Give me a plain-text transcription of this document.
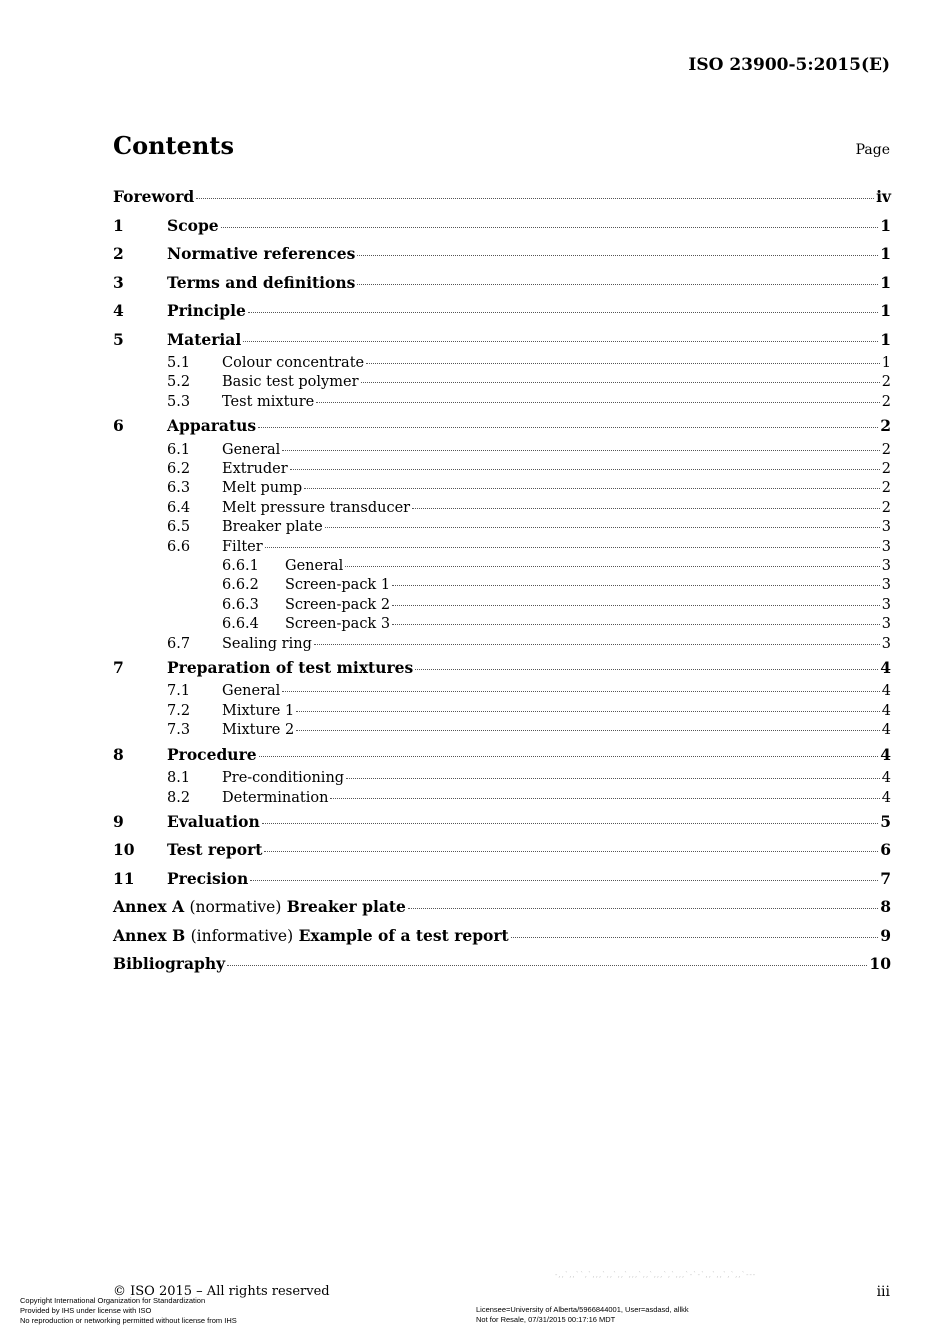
ISO 23900-5:2015(E)
Contents	Page
Foreword	iv
1	Scope	1
2	Normative references	1
3	Terms and definitions	1
4	Principle	1
5	Material	1
5.1	Colour concentrate	1
5.2	Basic test polymer	2
5.3	Test mixture	2
6	Apparatus	2
6.1	General	2
6.2	Extruder	2
6.3	Melt pump	2
6.4	Melt pressure transducer	2
6.5	Breaker plate	3
6.6	Filter	3
6.6.1	General	3
6.6.2	Screen-pack 1	3
6.6.3	Screen-pack 2	3
6.6.4	Screen-pack 3	3
6.7	Sealing ring	3
7	Preparation of test mixtures	4
7.1	General	4
7.2	Mixture 1	4
7.3	Mixture 2	4
8	Procedure	4
8.1	Pre-conditioning	4
8.2	Determination	4
9	Evaluation	5
10	Test report	6
11	Precision	7
Annex A (normative) Breaker plate	8
Annex B (informative) Example of a test report	9
Bibliography	10
-,,`,,``,`,,,`,,`,,`,,,`,,`,,,`,`,,,`-`-`,,`,,`,`,,`---
© ISO 2015 – All rights reserved	iii
Copyright International Organization for Standardization
Provided by IHS under license with ISO
No reproduction or networking permitted without license from IHS
Licensee=University of Alberta/5966844001, User=asdasd, allkk
Not for Resale, 07/31/2015 00:17:16 MDT
